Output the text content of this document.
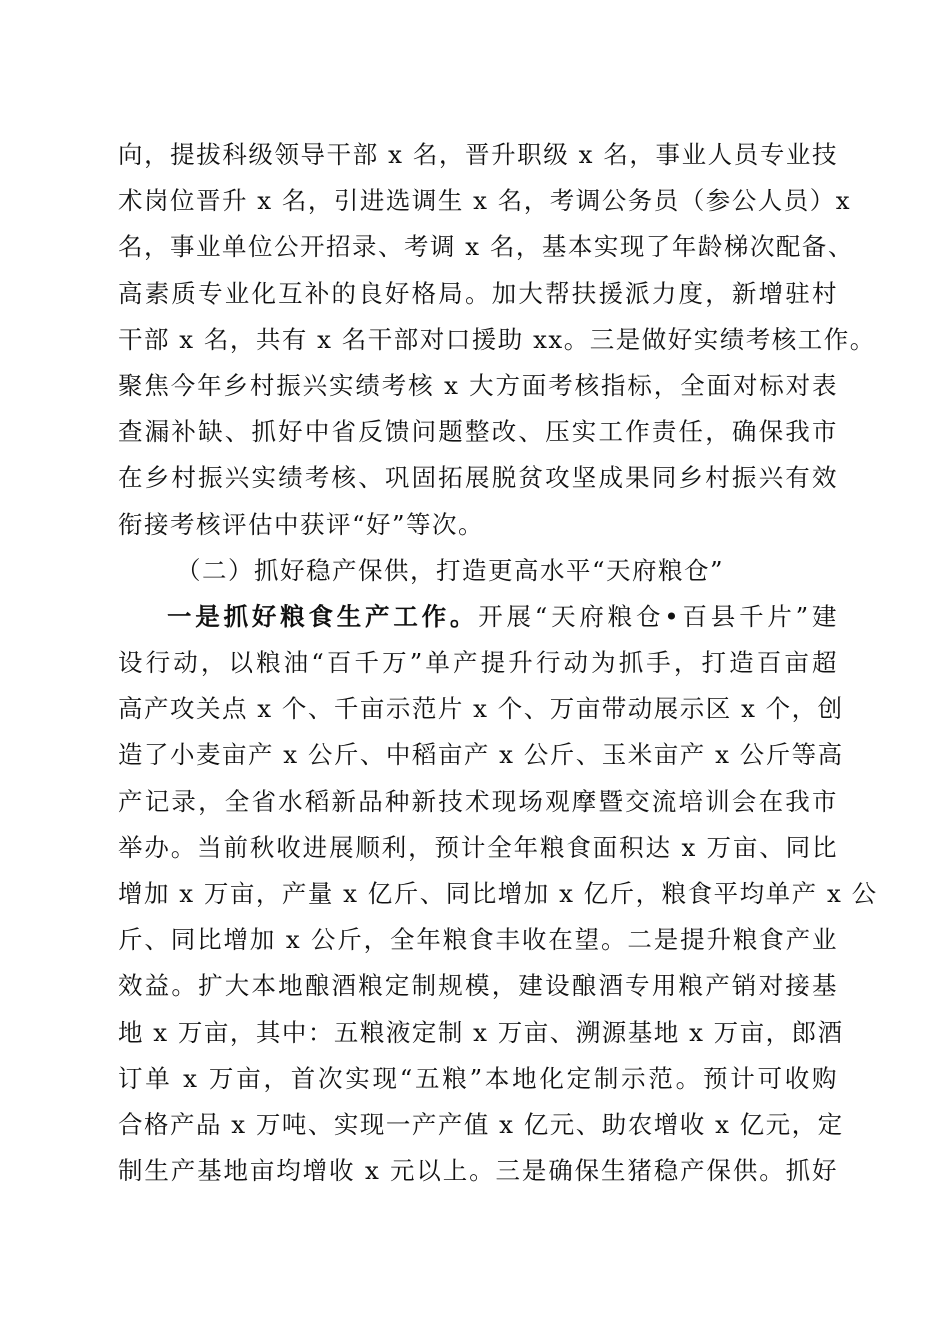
向，提拔科级领导干部 x 名，晋升职级 x 名，事业人员专业技
术岗位晋升 x 名，引进选调生 x 名，考调公务员（参公人员）x
名，事业单位公开招录、考调 x 名，基本实现了年龄梯次配备、
高素质专业化互补的良好格局。加大帮扶援派力度，新增驻村
干部 x 名，共有 x 名干部对口援助 xx。三是做好实绩考核工作。
聚焦今年乡村振兴实绩考核 x 大方面考核指标，全面对标对表
查漏补缺、抓好中省反馈问题整改、压实工作责任，确保我市
在乡村振兴实绩考核、巩固拓展脱贫攻坚成果同乡村振兴有效
衔接考核评估中获评“好”等次。
（二）抓好稳产保供，打造更高水平“天府粮仓”
一是抓好粮食生产工作。开展“天府粮仓•百县千片”建
设行动，以粮油“百千万”单产提升行动为抓手，打造百亩超
高产攻关点 x 个、千亩示范片 x 个、万亩带动展示区 x 个，创
造了小麦亩产 x 公斤、中稻亩产 x 公斤、玉米亩产 x 公斤等高
产记录，全省水稻新品种新技术现场观摩暨交流培训会在我市
举办。当前秋收进展顺利，预计全年粮食面积达 x 万亩、同比
增加 x 万亩，产量 x 亿斤、同比增加 x 亿斤，粮食平均单产 x 公
斤、同比增加 x 公斤，全年粮食丰收在望。二是提升粮食产业
效益。扩大本地酿酒粮定制规模，建设酿酒专用粮产销对接基
地 x 万亩，其中：五粮液定制 x 万亩、溯源基地 x 万亩，郎酒
订单 x 万亩，首次实现“五粮”本地化定制示范。预计可收购
合格产品 x 万吨、实现一产产值 x 亿元、助农增收 x 亿元，定
制生产基地亩均增收 x 元以上。三是确保生猪稳产保供。抓好
